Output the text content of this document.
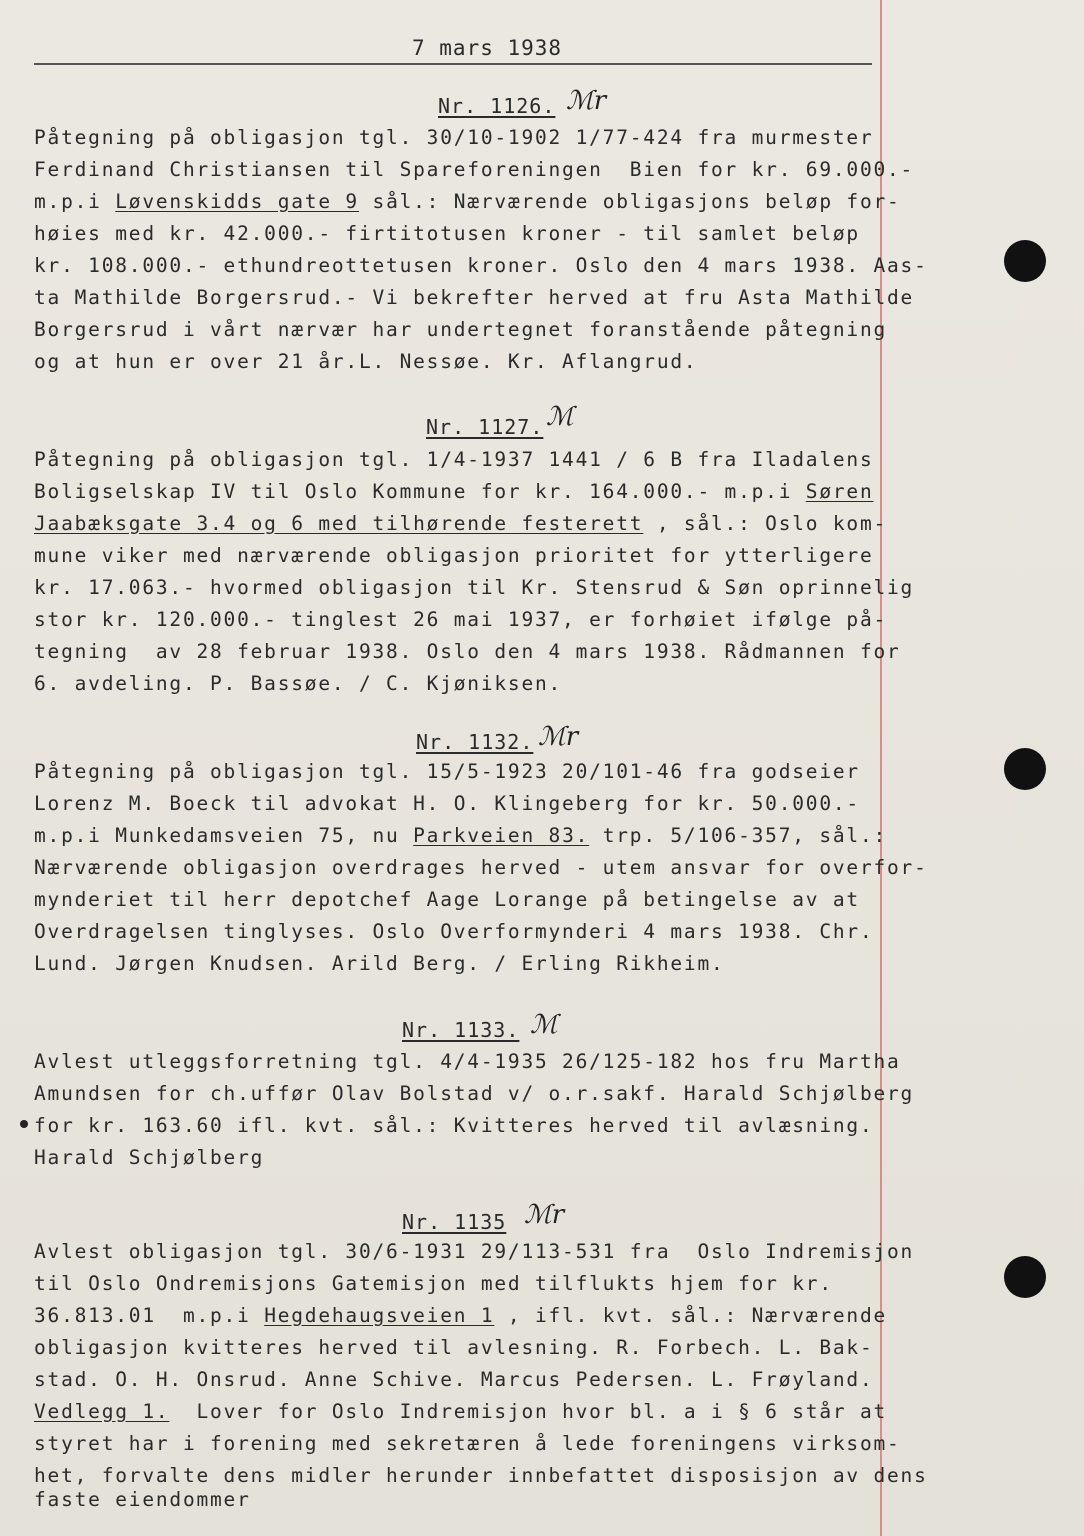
7 mars 1938
Nr. 1126. ℳr
Påtegning på obligasjon tgl. 30/10-1902 1/77-424 fra murmester
Ferdinand Christiansen til Spareforeningen  Bien for kr. 69.000.-
m.p.i Løvenskidds gate 9 sål.: Nærværende obligasjons beløp for-
høies med kr. 42.000.- firtitotusen kroner - til samlet beløp
kr. 108.000.- ethundreottetusen kroner. Oslo den 4 mars 1938. Aas-
ta Mathilde Borgersrud.- Vi bekrefter herved at fru Asta Mathilde
Borgersrud i vårt nærvær har undertegnet foranstående påtegning
og at hun er over 21 år.L. Nessøe. Kr. Aflangrud.
Nr. 1127. ℳ
Påtegning på obligasjon tgl. 1/4-1937 1441 / 6 B fra Iladalens
Boligselskap IV til Oslo Kommune for kr. 164.000.- m.p.i Søren
Jaabæksgate 3.4 og 6 med tilhørende festerett , sål.: Oslo kom-
mune viker med nærværende obligasjon prioritet for ytterligere
kr. 17.063.- hvormed obligasjon til Kr. Stensrud & Søn oprinnelig
stor kr. 120.000.- tinglest 26 mai 1937, er forhøiet ifølge på-
tegning  av 28 februar 1938. Oslo den 4 mars 1938. Rådmannen for
6. avdeling. P. Bassøe. / C. Kjøniksen.
Nr. 1132. ℳr
Påtegning på obligasjon tgl. 15/5-1923 20/101-46 fra godseier
Lorenz M. Boeck til advokat H. O. Klingeberg for kr. 50.000.-
m.p.i Munkedamsveien 75, nu Parkveien 83. trp. 5/106-357, sål.:
Nærværende obligasjon overdrages herved - utem ansvar for overfor-
mynderiet til herr depotchef Aage Lorange på betingelse av at
Overdragelsen tinglyses. Oslo Overformynderi 4 mars 1938. Chr.
Lund. Jørgen Knudsen. Arild Berg. / Erling Rikheim.
Nr. 1133. ℳ
Avlest utleggsforretning tgl. 4/4-1935 26/125-182 hos fru Martha
Amundsen for ch.uffør Olav Bolstad v/ o.r.sakf. Harald Schjølberg
for kr. 163.60 ifl. kvt. sål.: Kvitteres herved til avlæsning.
Harald Schjølberg
Nr. 1135 ℳr
Avlest obligasjon tgl. 30/6-1931 29/113-531 fra  Oslo Indremisjon
til Oslo Ondremisjons Gatemisjon med tilflukts hjem for kr.
36.813.01  m.p.i Hegdehaugsveien 1 , ifl. kvt. sål.: Nærværende
obligasjon kvitteres herved til avlesning. R. Forbech. L. Bak-
stad. O. H. Onsrud. Anne Schive. Marcus Pedersen. L. Frøyland.
Vedlegg 1.  Lover for Oslo Indremisjon hvor bl. a i § 6 står at
styret har i forening med sekretæren å lede foreningens virksom-
het, forvalte dens midler herunder innbefattet disposisjon av dens
faste eiendommer
